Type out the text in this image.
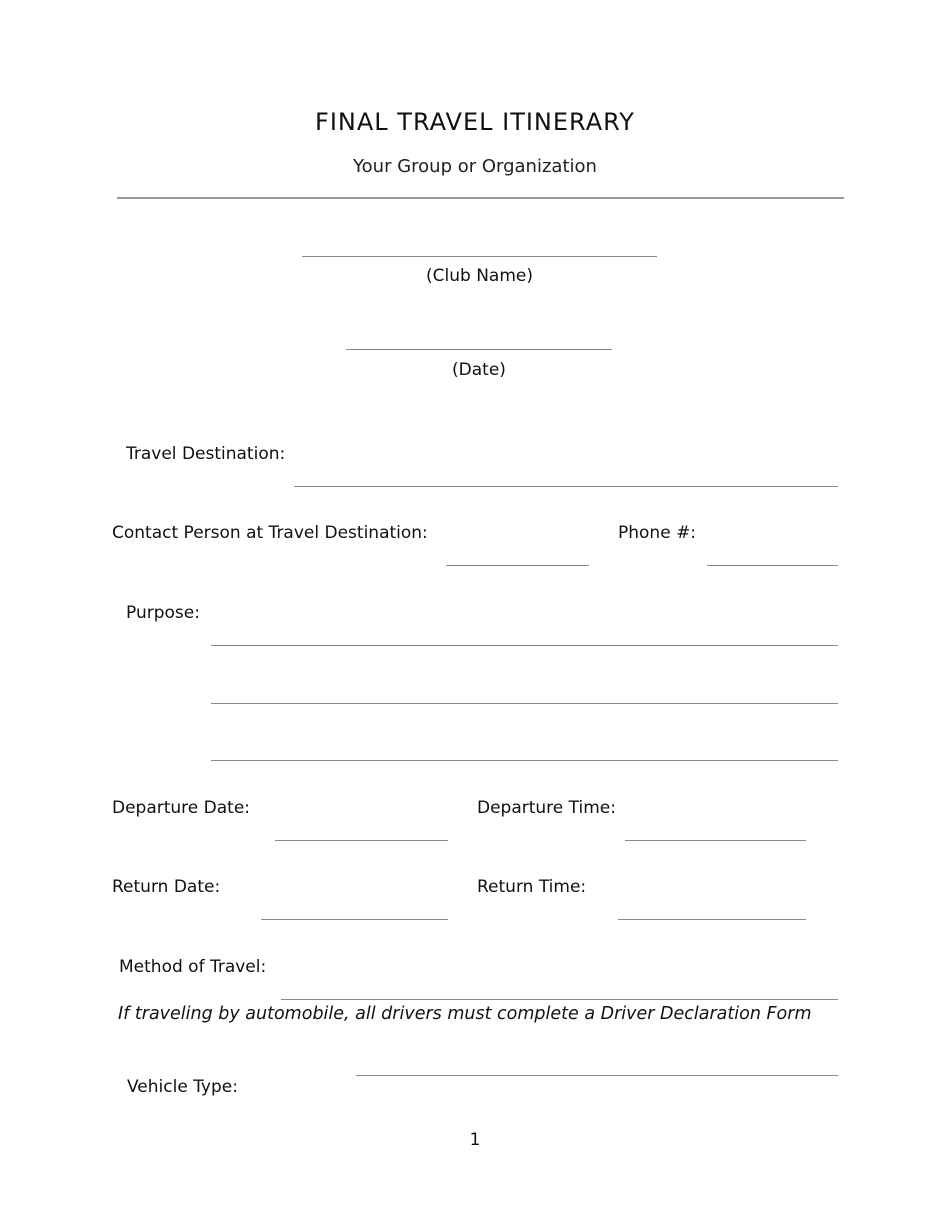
FINAL TRAVEL ITINERARY
Your Group or Organization
(Club Name)
(Date)
Travel Destination:
Contact Person at Travel Destination:	Phone #:
Purpose:
Departure Date:	Departure Time:
Return Date:	Return Time:
Method of Travel:
If traveling by automobile, all drivers must complete a Driver Declaration Form
Vehicle Type:
1
